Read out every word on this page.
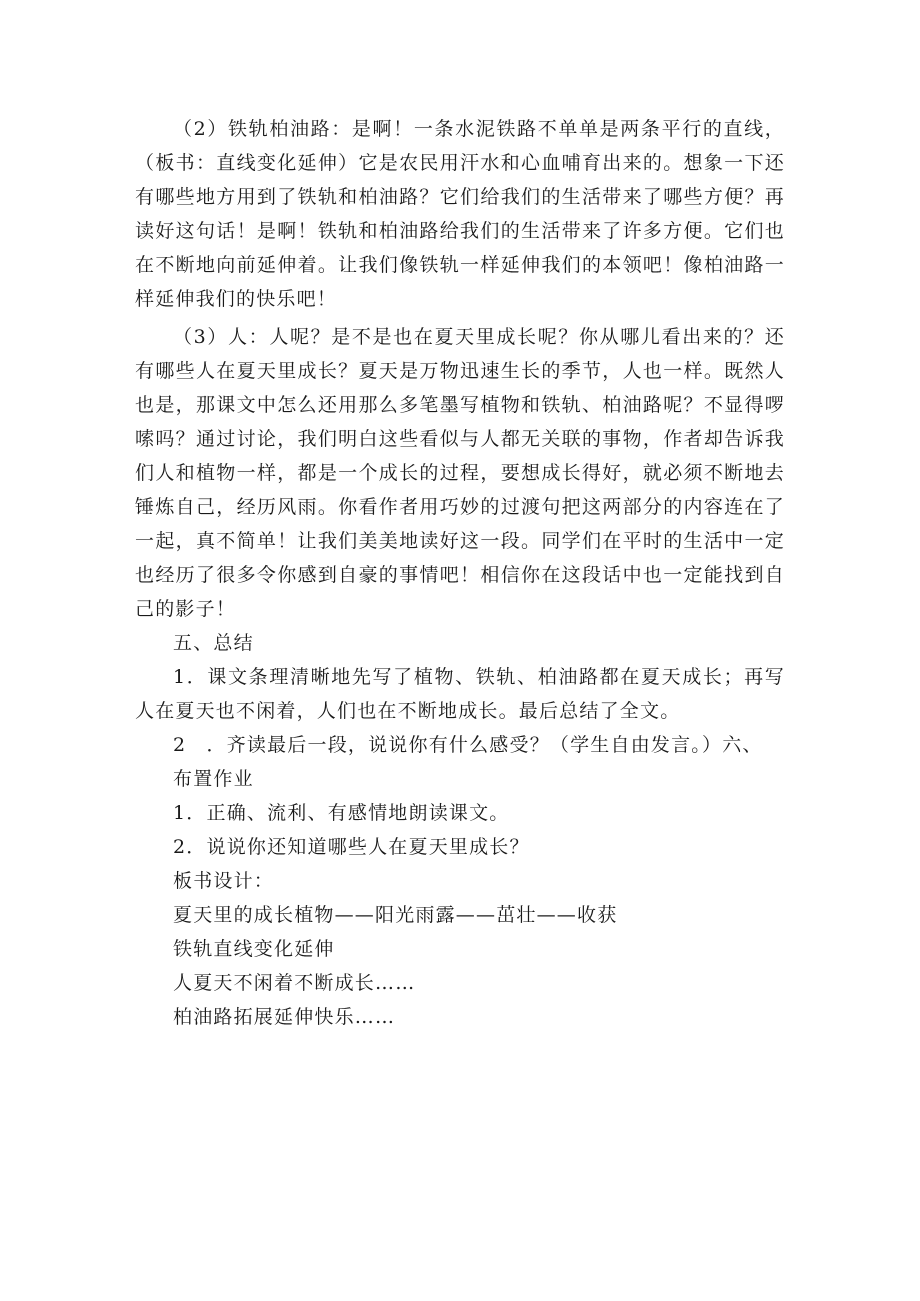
（2）铁轨柏油路：是啊！一条水泥铁路不单单是两条平行的直线，（板书：直线变化延伸）它是农民用汗水和心血哺育出来的。想象一下还有哪些地方用到了铁轨和柏油路？它们给我们的生活带来了哪些方便？再读好这句话！是啊！铁轨和柏油路给我们的生活带来了许多方便。它们也在不断地向前延伸着。让我们像铁轨一样延伸我们的本领吧！像柏油路一样延伸我们的快乐吧！

（3）人：人呢？是不是也在夏天里成长呢？你从哪儿看出来的？还有哪些人在夏天里成长？夏天是万物迅速生长的季节，人也一样。既然人也是，那课文中怎么还用那么多笔墨写植物和铁轨、柏油路呢？不显得啰嗦吗？通过讨论，我们明白这些看似与人都无关联的事物，作者却告诉我们人和植物一样，都是一个成长的过程，要想成长得好，就必须不断地去锤炼自己，经历风雨。你看作者用巧妙的过渡句把这两部分的内容连在了一起，真不简单！让我们美美地读好这一段。同学们在平时的生活中一定也经历了很多令你感到自豪的事情吧！相信你在这段话中也一定能找到自己的影子！

五、总结

1．课文条理清晰地先写了植物、铁轨、柏油路都在夏天成长；再写人在夏天也不闲着，人们也在不断地成长。最后总结了全文。

2　．齐读最后一段，说说你有什么感受？（学生自由发言。）六、

布置作业

1．正确、流利、有感情地朗读课文。

2．说说你还知道哪些人在夏天里成长？

板书设计：

夏天里的成长植物——阳光雨露——茁壮——收获

铁轨直线变化延伸

人夏天不闲着不断成长……

柏油路拓展延伸快乐……
